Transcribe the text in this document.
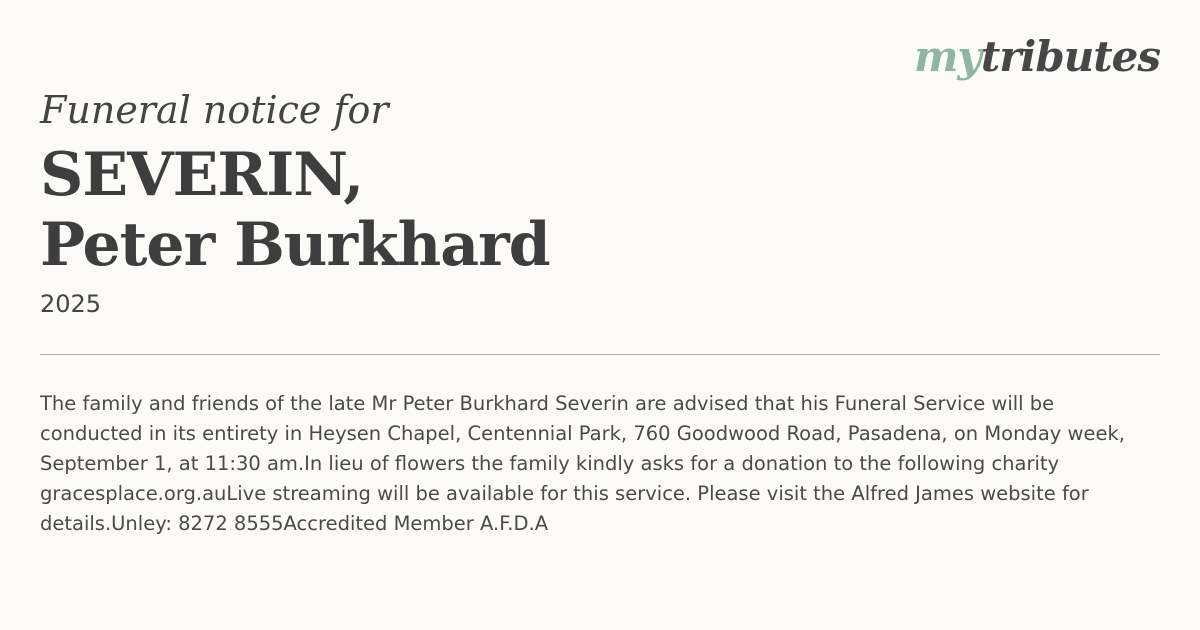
mytributes
Funeral notice for
SEVERIN,
Peter Burkhard
2025
The family and friends of the late Mr Peter Burkhard Severin are advised that his Funeral Service will be conducted in its entirety in Heysen Chapel, Centennial Park, 760 Goodwood Road, Pasadena, on Monday week, September 1, at 11:30 am.In lieu of flowers the family kindly asks for a donation to the following charity gracesplace.org.auLive streaming will be available for this service. Please visit the Alfred James website for details.Unley: 8272 8555Accredited Member A.F.D.A
